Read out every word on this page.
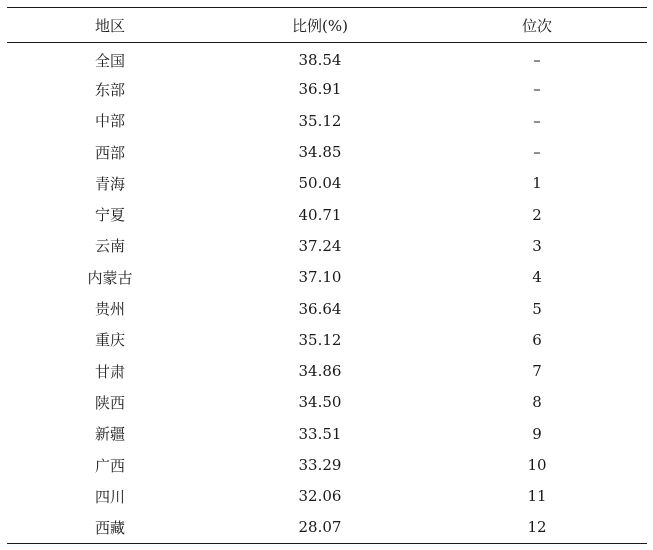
地区	比例(%)	位次
全国	38.54	–
东部	36.91	–
中部	35.12	–
西部	34.85	–
青海	50.04	1
宁夏	40.71	2
云南	37.24	3
内蒙古	37.10	4
贵州	36.64	5
重庆	35.12	6
甘肃	34.86	7
陕西	34.50	8
新疆	33.51	9
广西	33.29	10
四川	32.06	11
西藏	28.07	12
